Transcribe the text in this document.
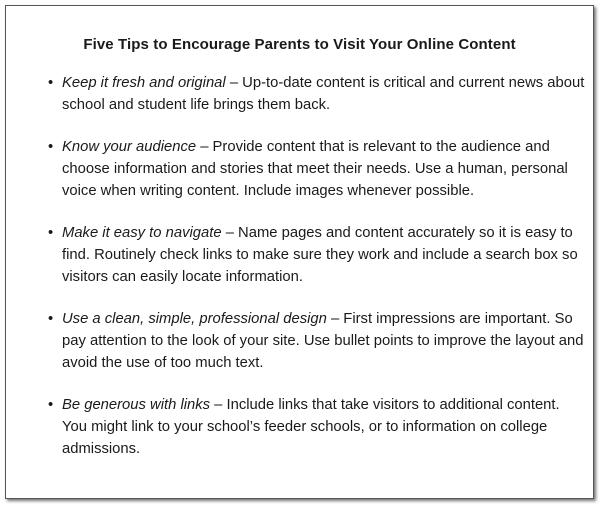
Five Tips to Encourage Parents to Visit Your Online Content
• Keep it fresh and original – Up-to-date content is critical and current news about school and student life brings them back.
• Know your audience – Provide content that is relevant to the audience and choose information and stories that meet their needs. Use a human, personal voice when writing content. Include images whenever possible.
• Make it easy to navigate – Name pages and content accurately so it is easy to find. Routinely check links to make sure they work and include a search box so visitors can easily locate information.
• Use a clean, simple, professional design – First impressions are important. So pay attention to the look of your site. Use bullet points to improve the layout and avoid the use of too much text.
• Be generous with links – Include links that take visitors to additional content. You might link to your school’s feeder schools, or to information on college admissions.
